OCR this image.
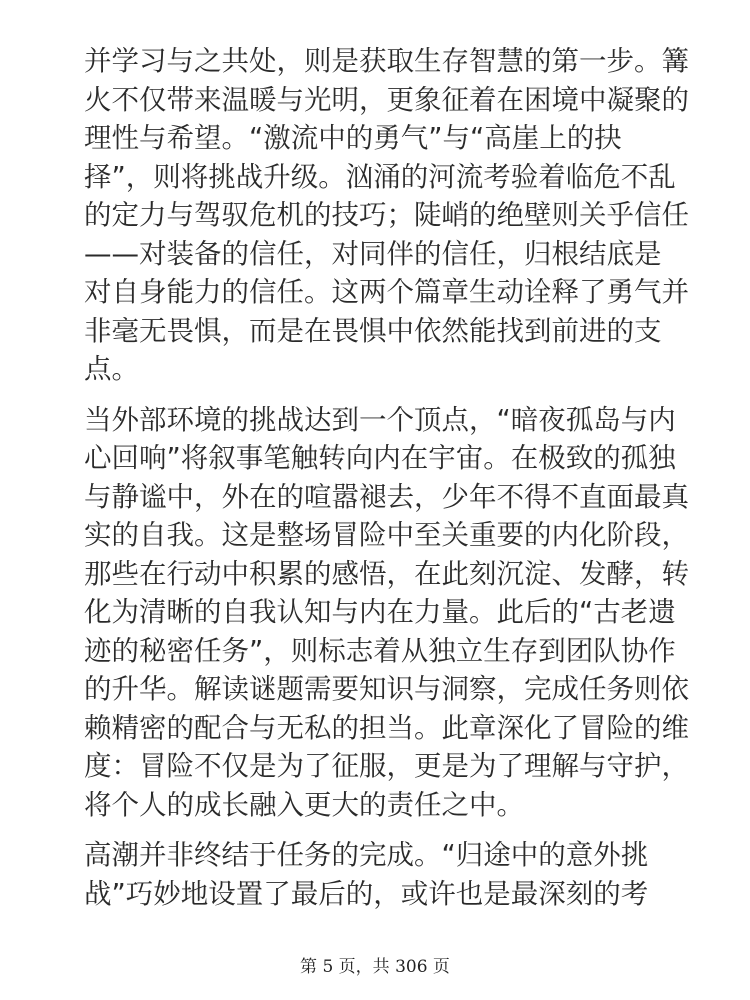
并学习与之共处，则是获取生存智慧的第一步。篝
火不仅带来温暖与光明，更象征着在困境中凝聚的
理性与希望。“激流中的勇气”与“高崖上的抉
择”，则将挑战升级。汹涌的河流考验着临危不乱
的定力与驾驭危机的技巧；陡峭的绝壁则关乎信任
——对装备的信任，对同伴的信任，归根结底是
对自身能力的信任。这两个篇章生动诠释了勇气并
非毫无畏惧，而是在畏惧中依然能找到前进的支
点。
当外部环境的挑战达到一个顶点，“暗夜孤岛与内
心回响”将叙事笔触转向内在宇宙。在极致的孤独
与静谧中，外在的喧嚣褪去，少年不得不直面最真
实的自我。这是整场冒险中至关重要的内化阶段，
那些在行动中积累的感悟，在此刻沉淀、发酵，转
化为清晰的自我认知与内在力量。此后的“古老遗
迹的秘密任务”，则标志着从独立生存到团队协作
的升华。解读谜题需要知识与洞察，完成任务则依
赖精密的配合与无私的担当。此章深化了冒险的维
度：冒险不仅是为了征服，更是为了理解与守护，
将个人的成长融入更大的责任之中。
高潮并非终结于任务的完成。“归途中的意外挑
战”巧妙地设置了最后的，或许也是最深刻的考
第 5 页，共 306 页
